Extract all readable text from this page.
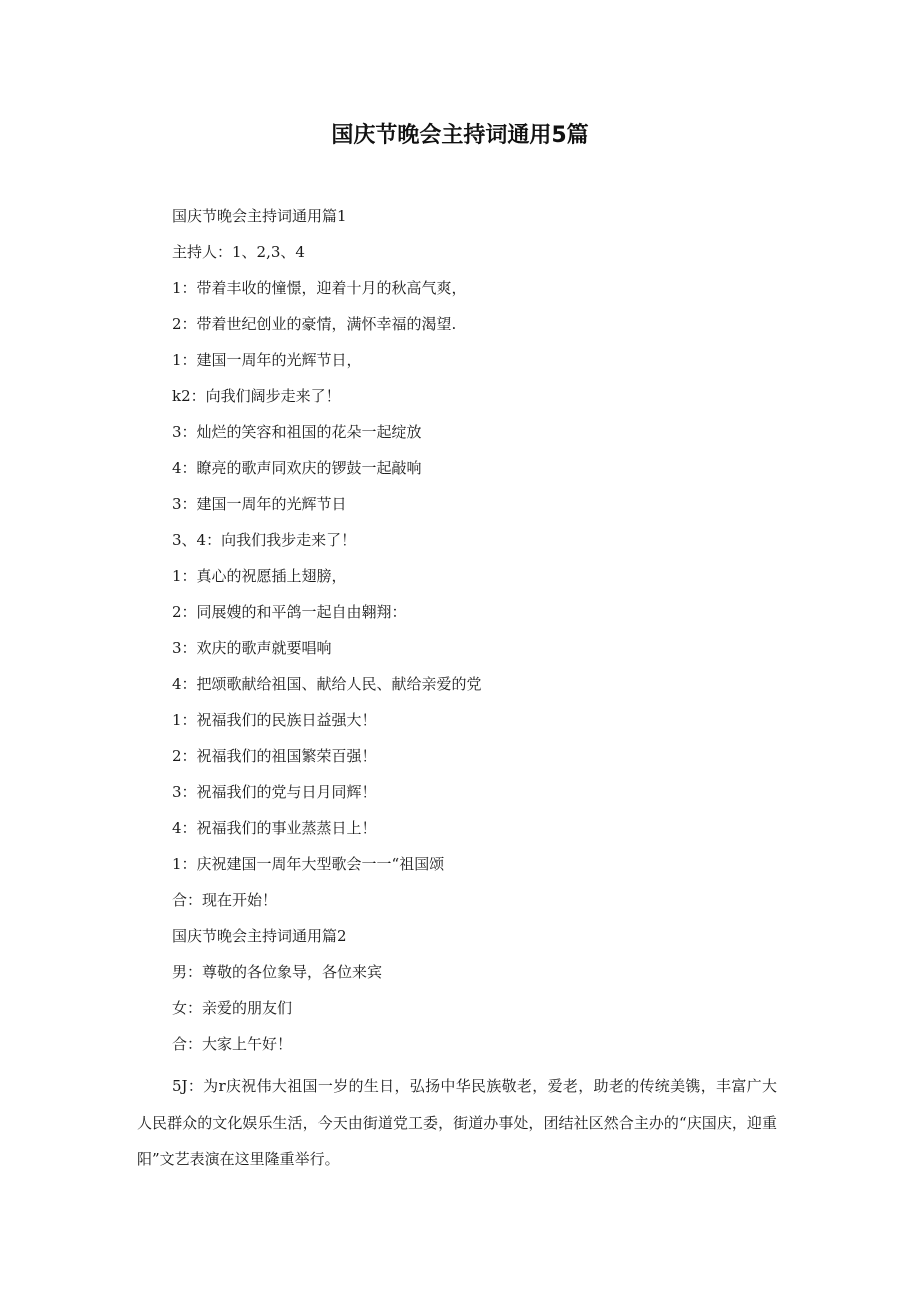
国庆节晚会主持词通用5篇
国庆节晚会主持词通用篇1
主持人：1、2,3、4
1：带着丰收的憧憬，迎着十月的秋高气爽，
2：带着世纪创业的豪情，满怀幸福的渴望.
1：建国一周年的光辉节日，
k2：向我们阔步走来了！
3：灿烂的笑容和祖国的花朵一起绽放
4：瞭亮的歌声同欢庆的锣鼓一起敲响
3：建国一周年的光辉节日
3、4：向我们我步走来了！
1：真心的祝愿插上翅膀，
2：同展嫂的和平鸽一起自由翱翔：
3：欢庆的歌声就要唱响
4：把颂歌献给祖国、献给人民、献给亲爱的党
1：祝福我们的民族日益强大！
2：祝福我们的祖国繁荣百强！
3：祝福我们的党与日月同辉！
4：祝福我们的事业蒸蒸日上！
1：庆祝建国一周年大型歌会一一“祖国颂
合：现在开始！
国庆节晚会主持词通用篇2
男：尊敬的各位象导，各位来宾
女：亲爱的朋友们
合：大家上午好！
5J：为r庆祝伟大祖国一岁的生日，弘扬中华民族敬老，爱老，助老的传统美镌，丰富广大人民群众的文化娱乐生活，今天由街道党工委，街道办事处，团结社区然合主办的“庆国庆，迎重阳”文艺表演在这里隆重举行。
